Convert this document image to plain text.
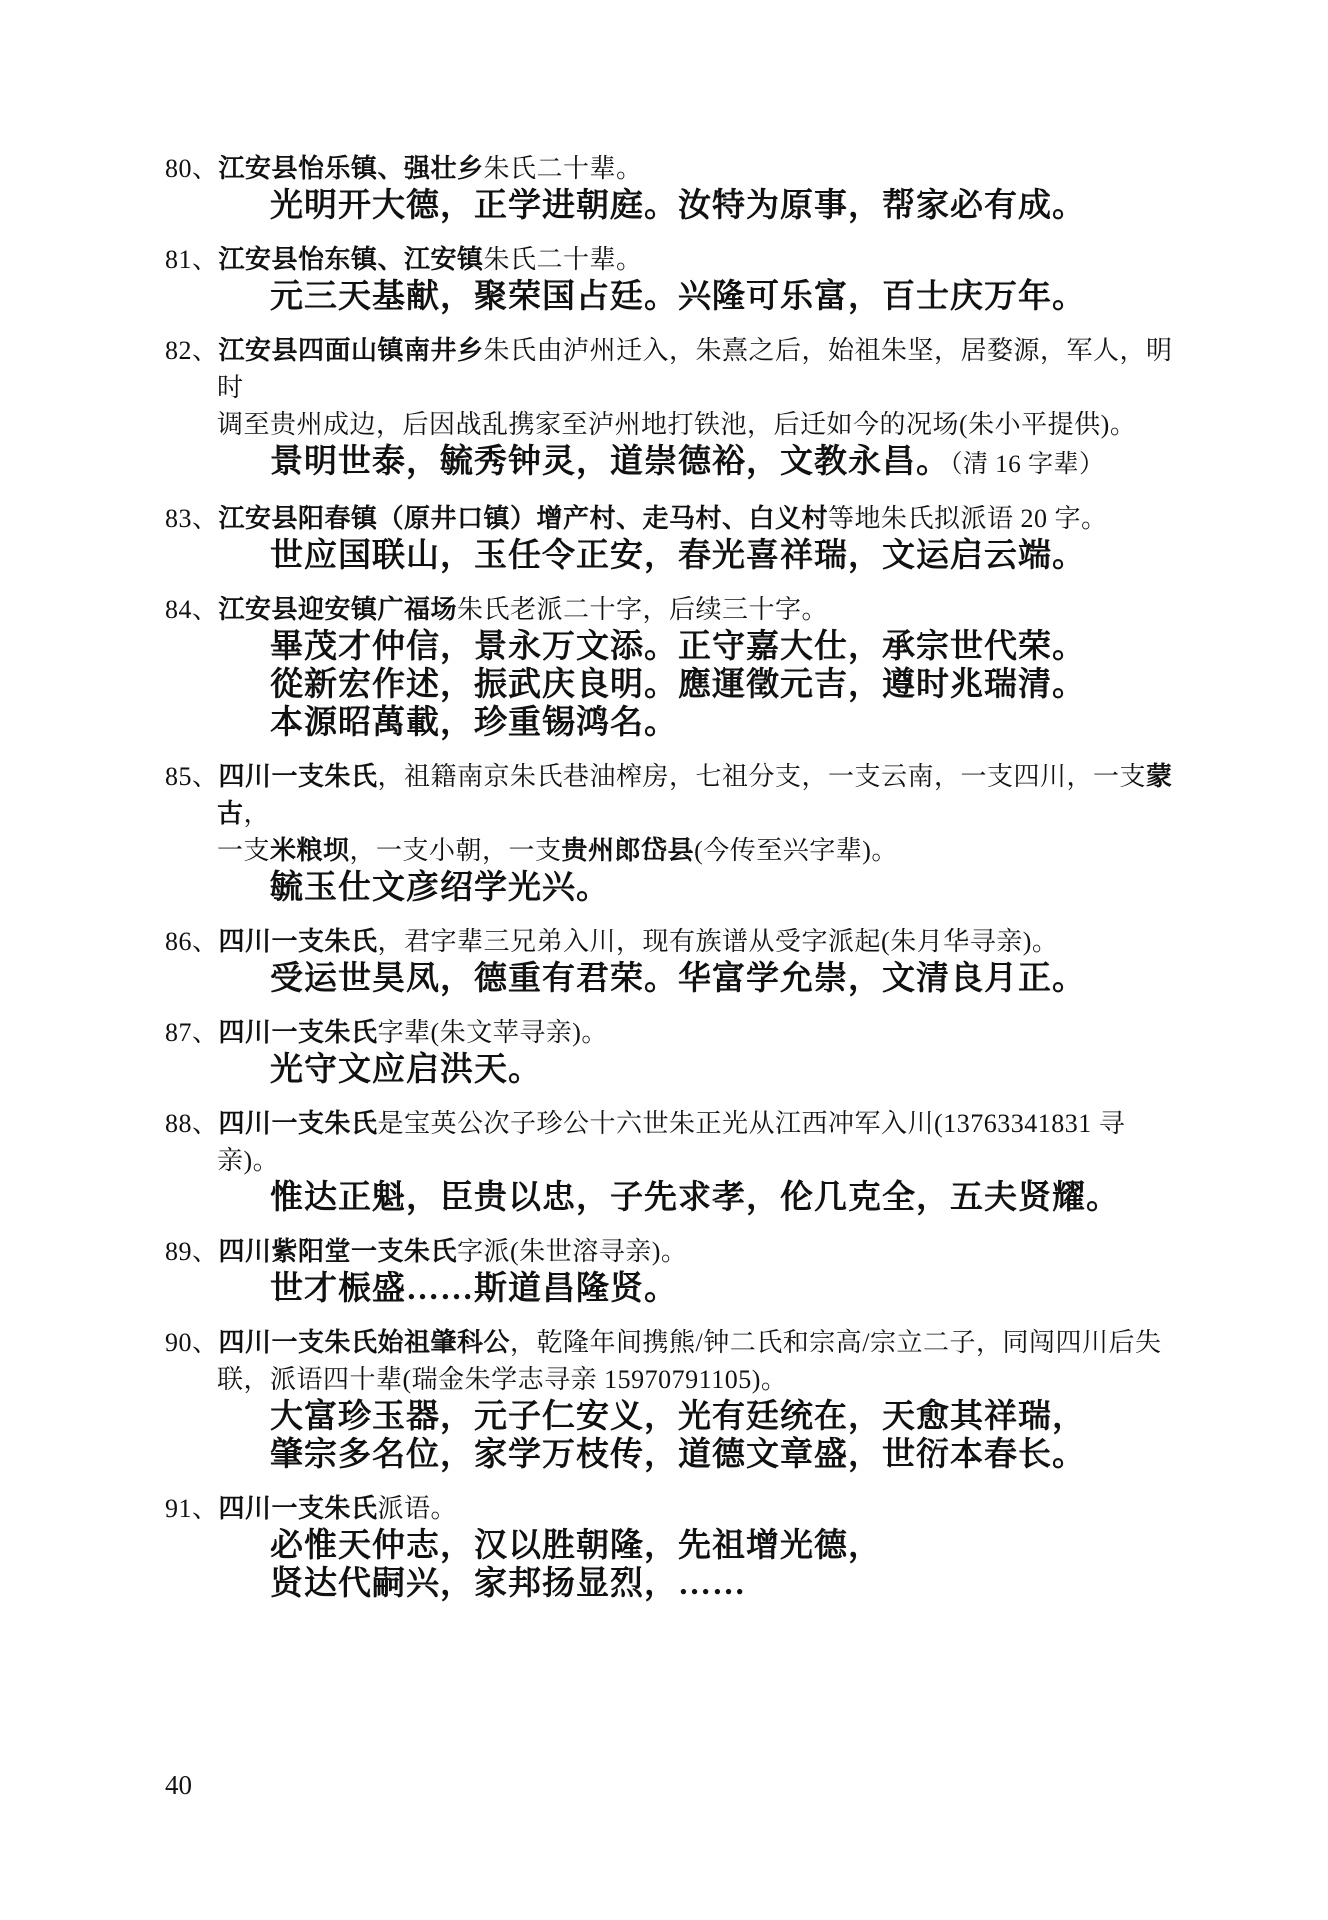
80、江安县怡乐镇、强壮乡朱氏二十辈。

光明开大德，正学进朝庭。汝特为原事，帮家必有成。

81、江安县怡东镇、江安镇朱氏二十辈。

元三天基献，聚荣国占廷。兴隆可乐富，百士庆万年。

82、江安县四面山镇南井乡朱氏由泸州迁入，朱熹之后，始祖朱坚，居婺源，军人，明时
调至贵州成边，后因战乱携家至泸州地打铁池，后迁如今的况场(朱小平提供)。

景明世泰，毓秀钟灵，道崇德裕，文教永昌。（清 16 字辈）

83、江安县阳春镇（原井口镇）增产村、走马村、白义村等地朱氏拟派语 20 字。

世应国联山，玉任令正安，春光喜祥瑞，文运启云端。

84、江安县迎安镇广福场朱氏老派二十字，后续三十字。

畢茂才仲信，景永万文添。正守嘉大仕，承宗世代荣。

從新宏作述，振武庆良明。應運徵元吉，遵时兆瑞清。

本源昭萬載，珍重锡鸿名。

85、四川一支朱氏，祖籍南京朱氏巷油榨房，七祖分支，一支云南，一支四川，一支蒙古，
一支米粮坝，一支小朝，一支贵州郎岱县(今传至兴字辈)。

毓玉仕文彦绍学光兴。

86、四川一支朱氏，君字辈三兄弟入川，现有族谱从受字派起(朱月华寻亲)。

受运世昊凤，德重有君荣。华富学允崇，文清良月正。

87、四川一支朱氏字辈(朱文苹寻亲)。

光守文应启洪天。

88、四川一支朱氏是宝英公次子珍公十六世朱正光从江西冲军入川(13763341831 寻亲)。

惟达正魁，臣贵以忠，子先求孝，伦几克全，五夫贤耀。

89、四川紫阳堂一支朱氏字派(朱世溶寻亲)。

世才桭盛……斯道昌隆贤。

90、四川一支朱氏始祖肇科公，乾隆年间携熊/钟二氏和宗高/宗立二子，同闯四川后失
联，派语四十辈(瑞金朱学志寻亲 15970791105)。

大富珍玉器，元子仁安义，光有廷统在，天愈其祥瑞，

肇宗多名位，家学万枝传，道德文章盛，世衍本春长。

91、四川一支朱氏派语。

必惟天仲志，汉以胜朝隆，先祖增光德，

贤达代嗣兴，家邦扬显烈，……

40
